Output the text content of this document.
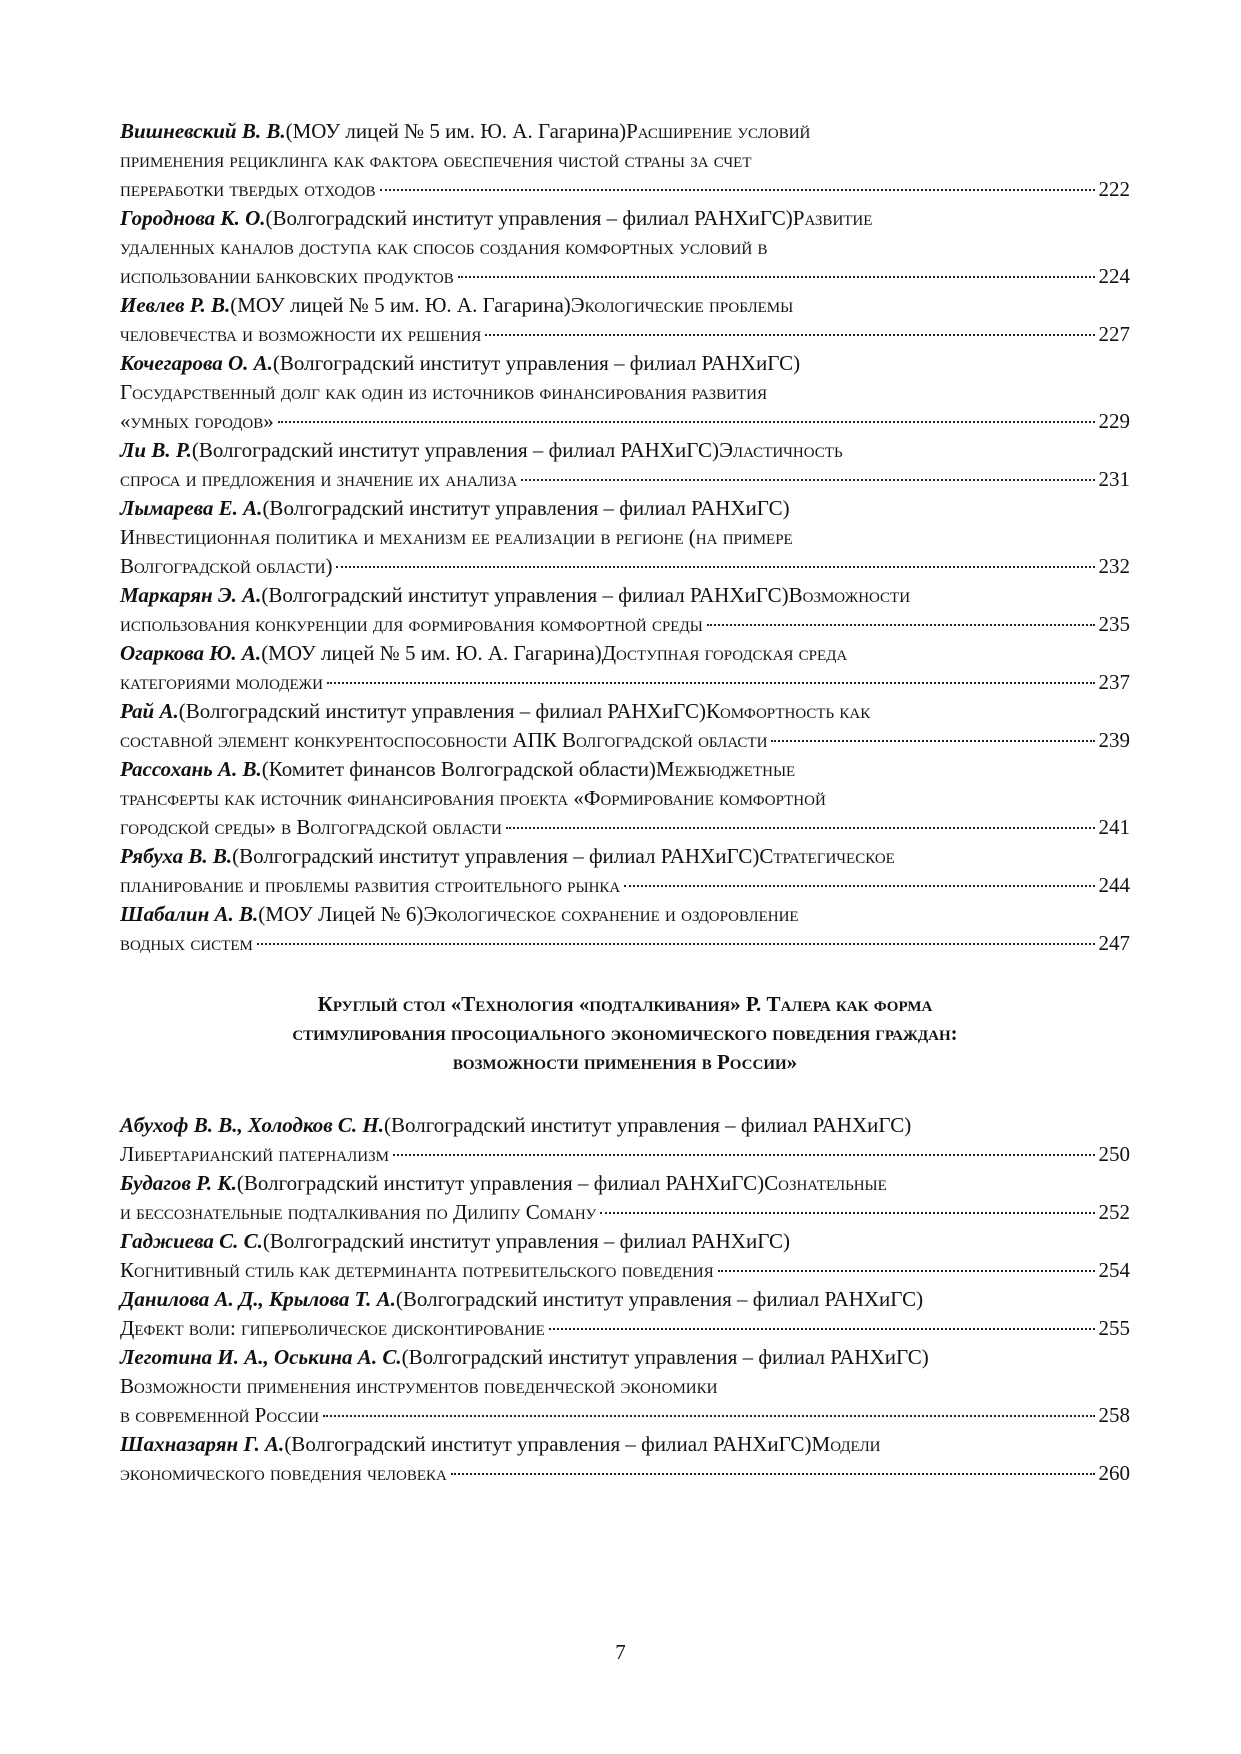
Вишневский В. В. (МОУ лицей № 5 им. Ю. А. Гагарина) Расширение условий
применения рециклинга как фактора обеспечения чистой страны за счет
переработки твердых отходов	222
Городнова К. О. (Волгоградский институт управления – филиал РАНХиГС) Развитие
удаленных каналов доступа как способ создания комфортных условий в
использовании банковских продуктов	224
Иевлев Р. В. (МОУ лицей № 5 им. Ю. А. Гагарина) Экологические проблемы
человечества и возможности их решения	227
Кочегарова О. А. (Волгоградский институт управления – филиал РАНХиГС)
Государственный долг как один из источников финансирования развития
«умных городов»	229
Ли В. Р. (Волгоградский институт управления – филиал РАНХиГС) Эластичность
спроса и предложения и значение их анализа	231
Лымарева Е. А. (Волгоградский институт управления – филиал РАНХиГС)
Инвестиционная политика и механизм ее реализации в регионе (на примере
Волгоградской области)	232
Маркарян Э. А. (Волгоградский институт управления – филиал РАНХиГС) Возможности
использования конкуренции для формирования комфортной среды	235
Огаркова Ю. А. (МОУ лицей № 5 им. Ю. А. Гагарина) Доступная городская среда
категориями молодежи	237
Рай А. (Волгоградский институт управления – филиал РАНХиГС) Комфортность как
составной элемент конкурентоспособности АПК Волгоградской области	239
Рассохань А. В. (Комитет финансов Волгоградской области) Межбюджетные
трансферты как источник финансирования проекта «Формирование комфортной
городской среды» в Волгоградской области	241
Рябуха В. В. (Волгоградский институт управления – филиал РАНХиГС) Стратегическое
планирование и проблемы развития строительного рынка	244
Шабалин А. В. (МОУ Лицей № 6) Экологическое сохранение и оздоровление
водных систем	247
Круглый стол «Технология «подталкивания» Р. Талера как форма
стимулирования просоциального экономического поведения граждан:
возможности применения в России»
Абухоф В. В., Холодков С. Н. (Волгоградский институт управления – филиал РАНХиГС)
Либертарианский патернализм	250
Будагов Р. К. (Волгоградский институт управления – филиал РАНХиГС) Сознательные
и бессознательные подталкивания по Дилипу Соману	252
Гаджиева С. С. (Волгоградский институт управления – филиал РАНХиГС)
Когнитивный стиль как детерминанта потребительского поведения	254
Данилова А. Д., Крылова Т. А. (Волгоградский институт управления – филиал РАНХиГС)
Дефект воли: гиперболическое дисконтирование	255
Леготина И. А., Оськина А. С. (Волгоградский институт управления – филиал РАНХиГС)
Возможности применения инструментов поведенческой экономики
в современной России	258
Шахназарян Г. А. (Волгоградский институт управления – филиал РАНХиГС) Модели
экономического поведения человека	260
7
